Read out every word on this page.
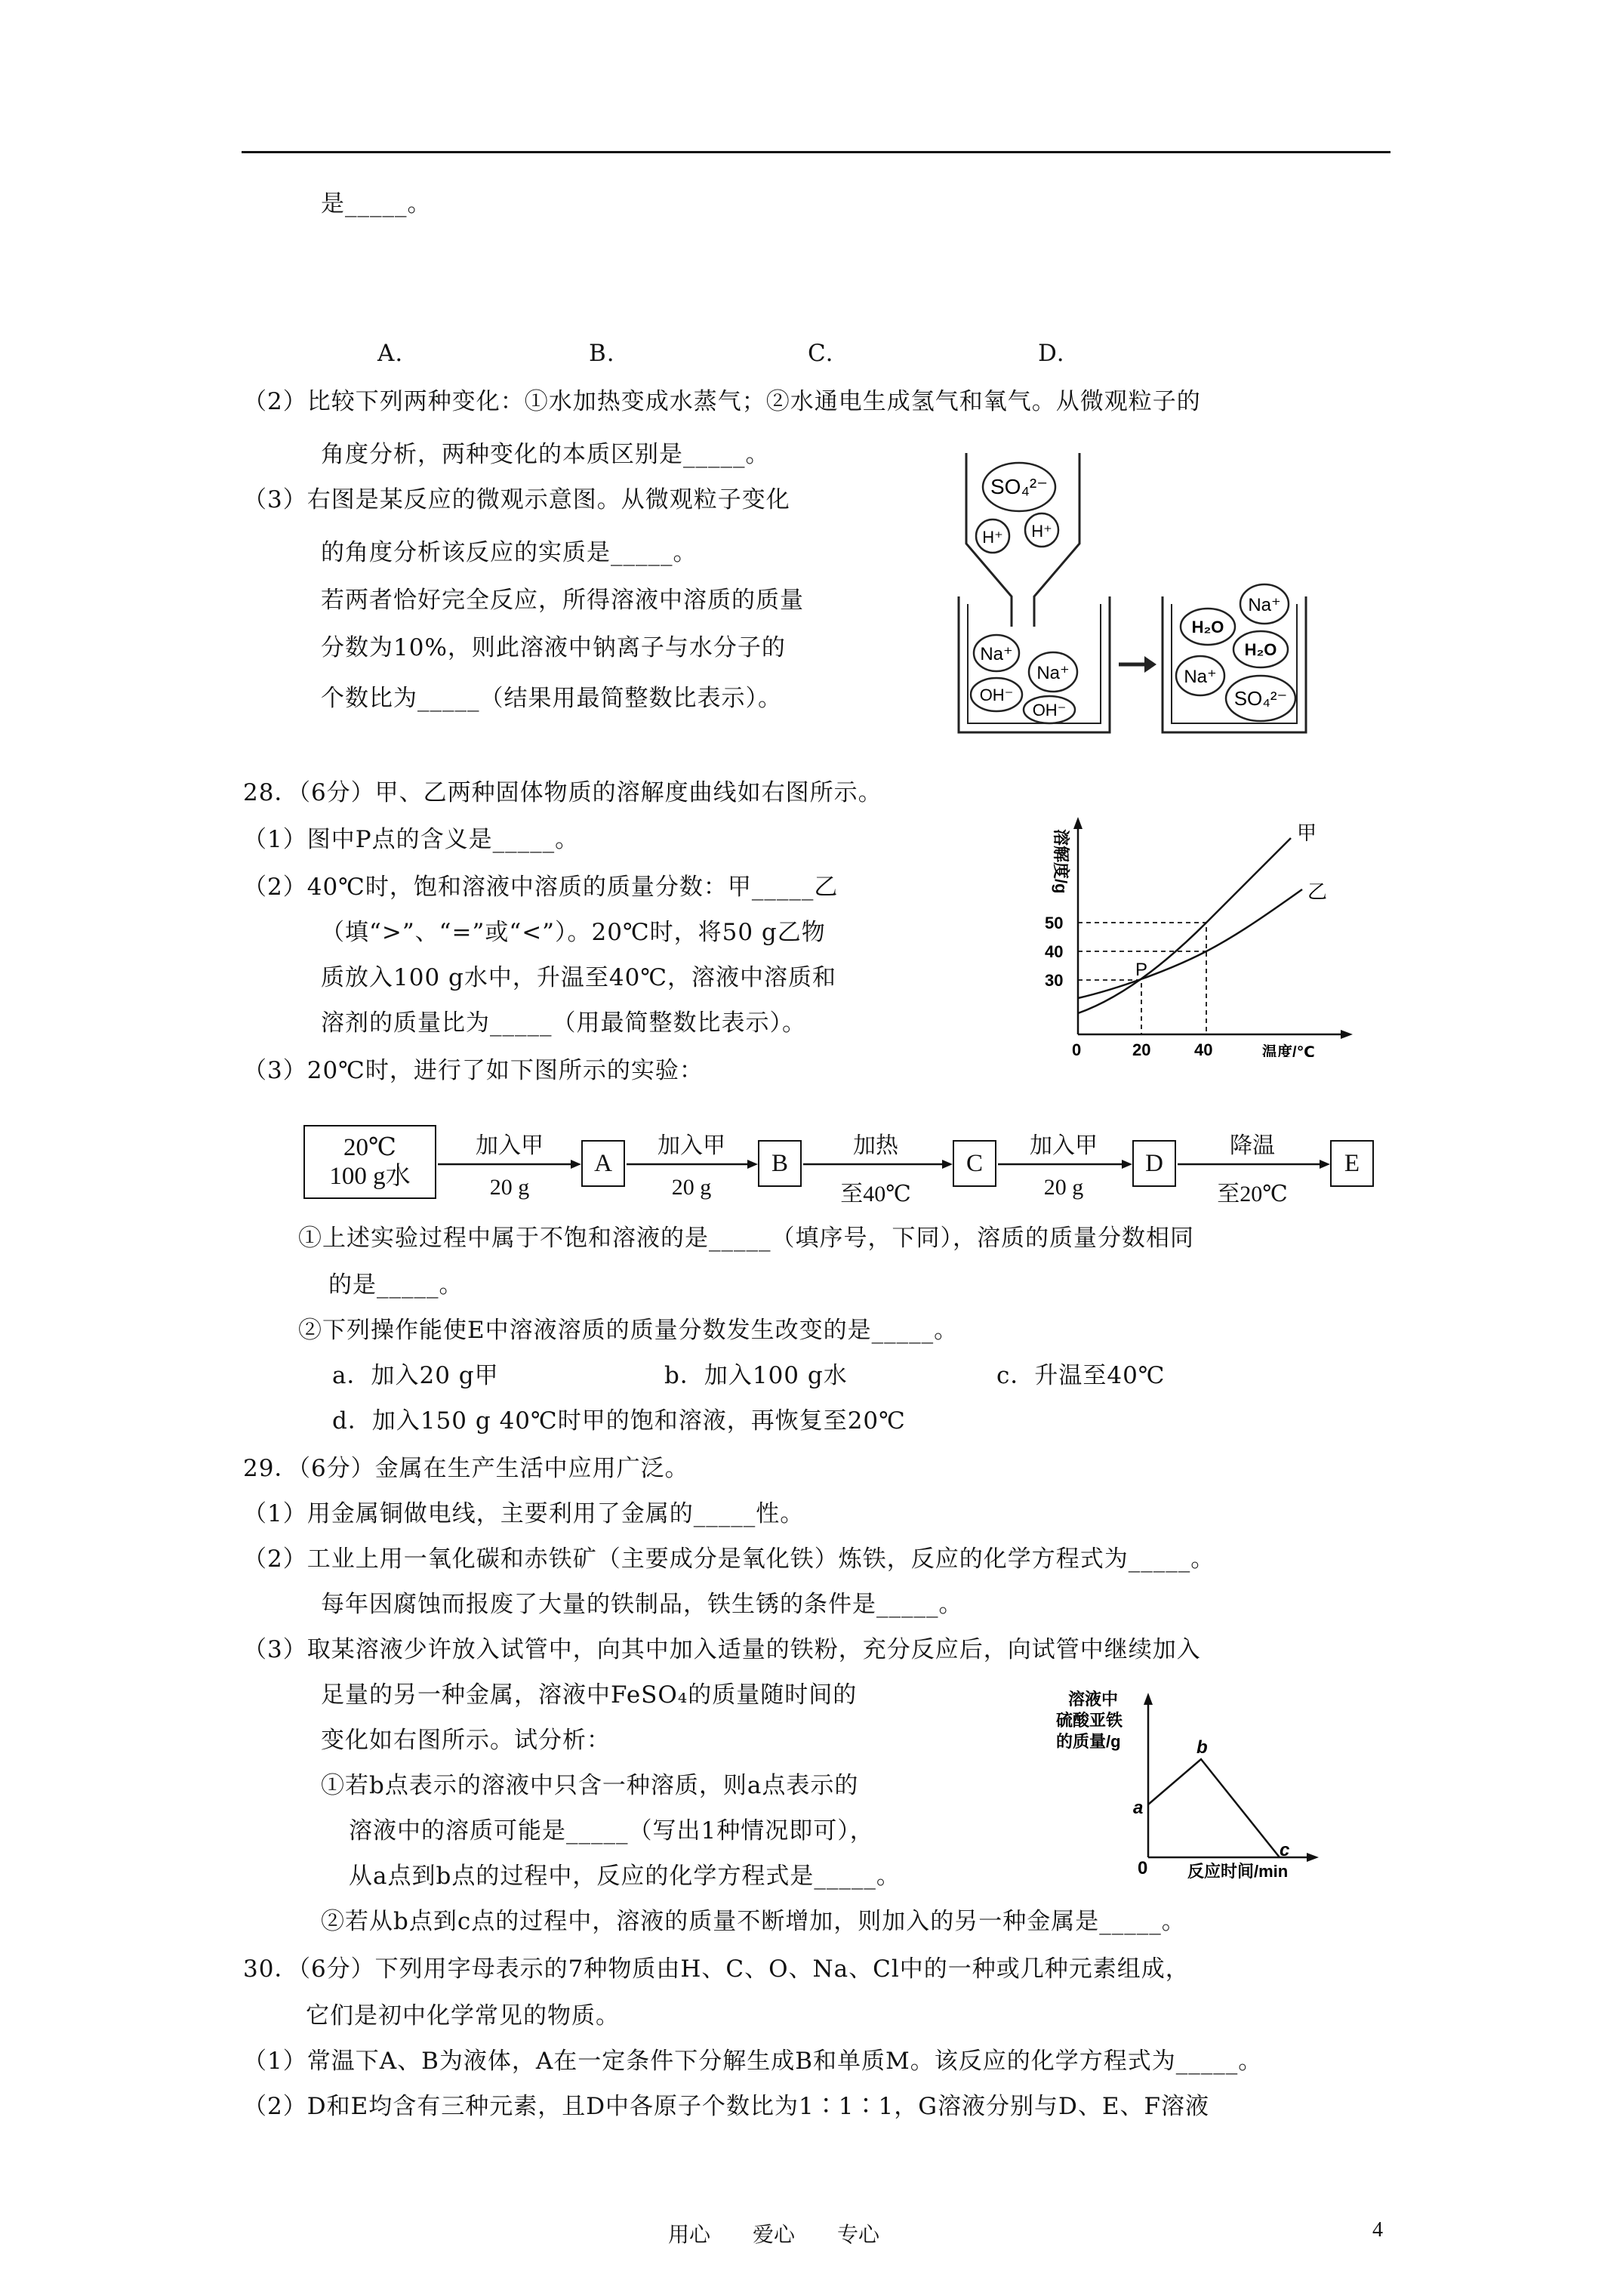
是_____。
A.	B.	C.	D.
（2）比较下列两种变化：①水加热变成水蒸气；②水通电生成氢气和氧气。从微观粒子的
角度分析，两种变化的本质区别是_____。
（3）右图是某反应的微观示意图。从微观粒子变化
的角度分析该反应的实质是_____。
若两者恰好完全反应，所得溶液中溶质的质量
分数为10%，则此溶液中钠离子与水分子的
个数比为_____（结果用最简整数比表示）。
28．（6分）甲、乙两种固体物质的溶解度曲线如右图所示。
（1）图中P点的含义是_____。
（2）40℃时，饱和溶液中溶质的质量分数：甲_____乙
（填“>”、“=”或“<”）。20℃时，将50 g乙物
质放入100 g水中，升温至40℃，溶液中溶质和
溶剂的质量比为_____（用最简整数比表示）。
（3）20℃时，进行了如下图所示的实验：
①上述实验过程中属于不饱和溶液的是_____（填序号，下同），溶质的质量分数相同
的是_____。
②下列操作能使E中溶液溶质的质量分数发生改变的是_____。
a．加入20 g甲	b．加入100 g水	c．升温至40℃
d．加入150 g 40℃时甲的饱和溶液，再恢复至20℃
29．（6分）金属在生产生活中应用广泛。
（1）用金属铜做电线，主要利用了金属的_____性。
（2）工业上用一氧化碳和赤铁矿（主要成分是氧化铁）炼铁，反应的化学方程式为_____。
每年因腐蚀而报废了大量的铁制品，铁生锈的条件是_____。
（3）取某溶液少许放入试管中，向其中加入适量的铁粉，充分反应后，向试管中继续加入
足量的另一种金属，溶液中FeSO₄的质量随时间的
变化如右图所示。试分析：
①若b点表示的溶液中只含一种溶质，则a点表示的
溶液中的溶质可能是_____（写出1种情况即可），
从a点到b点的过程中，反应的化学方程式是_____。
②若从b点到c点的过程中，溶液的质量不断增加，则加入的另一种金属是_____。
30．（6分）下列用字母表示的7种物质由H、C、O、Na、Cl中的一种或几种元素组成，
它们是初中化学常见的物质。
（1）常温下A、B为液体，A在一定条件下分解生成B和单质M。该反应的化学方程式为_____。
（2）D和E均含有三种元素，且D中各原子个数比为1∶1∶1，G溶液分别与D、E、F溶液
SO₄²⁻
H⁺ H⁺
Na⁺
Na⁺
OH⁻
OH⁻
Na⁺
H₂O
H₂O
Na⁺
SO₄²⁻
溶解度/g
温度/℃
0	20	40
50
40
30
P
甲
乙
20℃
100 g水	A	B	C	D	E
加入甲
20 g
加入甲
20 g
加热
至40℃
加入甲
20 g
降温
至20℃
溶液中
硫酸亚铁
的质量/g
a
b
c
0 反应时间/min
用心　　爱心　　专心	4
